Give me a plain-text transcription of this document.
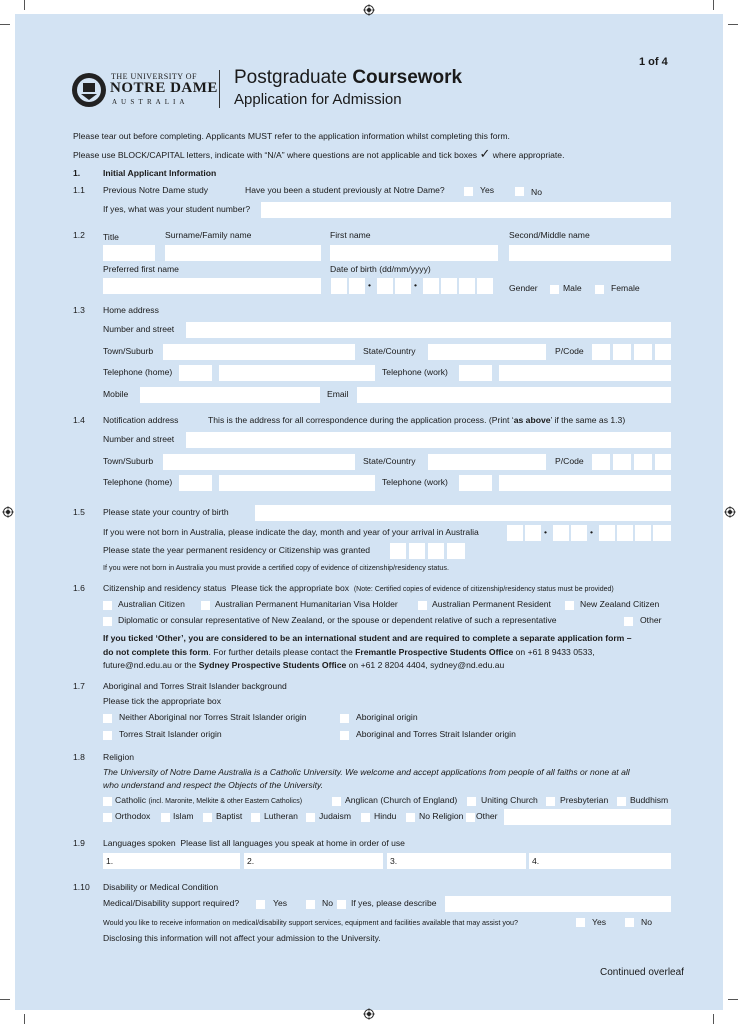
1 of 4
THE UNIVERSITY OF
NOTRE DAME
A U S T R A L I A
Postgraduate Coursework
Application for Admission
Please tear out before completing. Applicants MUST refer to the application information whilst completing this form.
Please use BLOCK/CAPITAL letters, indicate with “N/A” where questions are not applicable and tick boxes ✓ where appropriate.
1.	Initial Applicant Information
1.1 Previous Notre Dame study	Have you been a student previously at Notre Dame?	Yes	No
If yes, what was your student number?
1.2 Title	Surname/Family name	First name	Second/Middle name
Preferred first name	Date of birth (dd/mm/yyyy)
•	•	Gender	Male	Female
1.3 Home address
Number and street
Town/Suburb	State/Country	P/Code
Telephone (home)	Telephone (work)
Mobile	Email
1.4 Notification address	This is the address for all correspondence during the application process. (Print ‘as above’ if the same as 1.3)
Number and street
Town/Suburb	State/Country	P/Code
Telephone (home)	Telephone (work)
1.5 Please state your country of birth
If you were not born in Australia, please indicate the day, month and year of your arrival in Australia	•	•
Please state the year permanent residency or Citizenship was granted
If you were not born in Australia you must provide a certified copy of evidence of citizenship/residency status.
1.6 Citizenship and residency status Please tick the appropriate box (Note: Certified copies of evidence of citizenship/residency status must be provided)
Australian Citizen	Australian Permanent Humanitarian Visa Holder	Australian Permanent Resident	New Zealand Citizen
Diplomatic or consular representative of New Zealand, or the spouse or dependent relative of such a representative	Other
If you ticked ‘Other’, you are considered to be an international student and are required to complete a separate application form –
do not complete this form. For further details please contact the Fremantle Prospective Students Office on +61 8 9433 0533,
future@nd.edu.au or the Sydney Prospective Students Office on +61 2 8204 4404, sydney@nd.edu.au
1.7 Aboriginal and Torres Strait Islander background
Please tick the appropriate box
Neither Aboriginal nor Torres Strait Islander origin	Aboriginal origin
Torres Strait Islander origin	Aboriginal and Torres Strait Islander origin
1.8 Religion
The University of Notre Dame Australia is a Catholic University. We welcome and accept applications from people of all faiths or none at all
who understand and respect the Objects of the University.
Catholic (incl. Maronite, Melkite & other Eastern Catholics)	Anglican (Church of England)	Uniting Church	Presbyterian	Buddhism
Orthodox	Islam	Baptist	Lutheran Judaism	Hindu	No Religion Other
1.9 Languages spoken Please list all languages you speak at home in order of use
1.	2.	3.	4.
1.10 Disability or Medical Condition
Medical/Disability support required?	Yes	No If yes, please describe
Would you like to receive information on medical/disability support services, equipment and facilities available that may assist you?	Yes	No
Disclosing this information will not affect your admission to the University.
Continued overleaf
